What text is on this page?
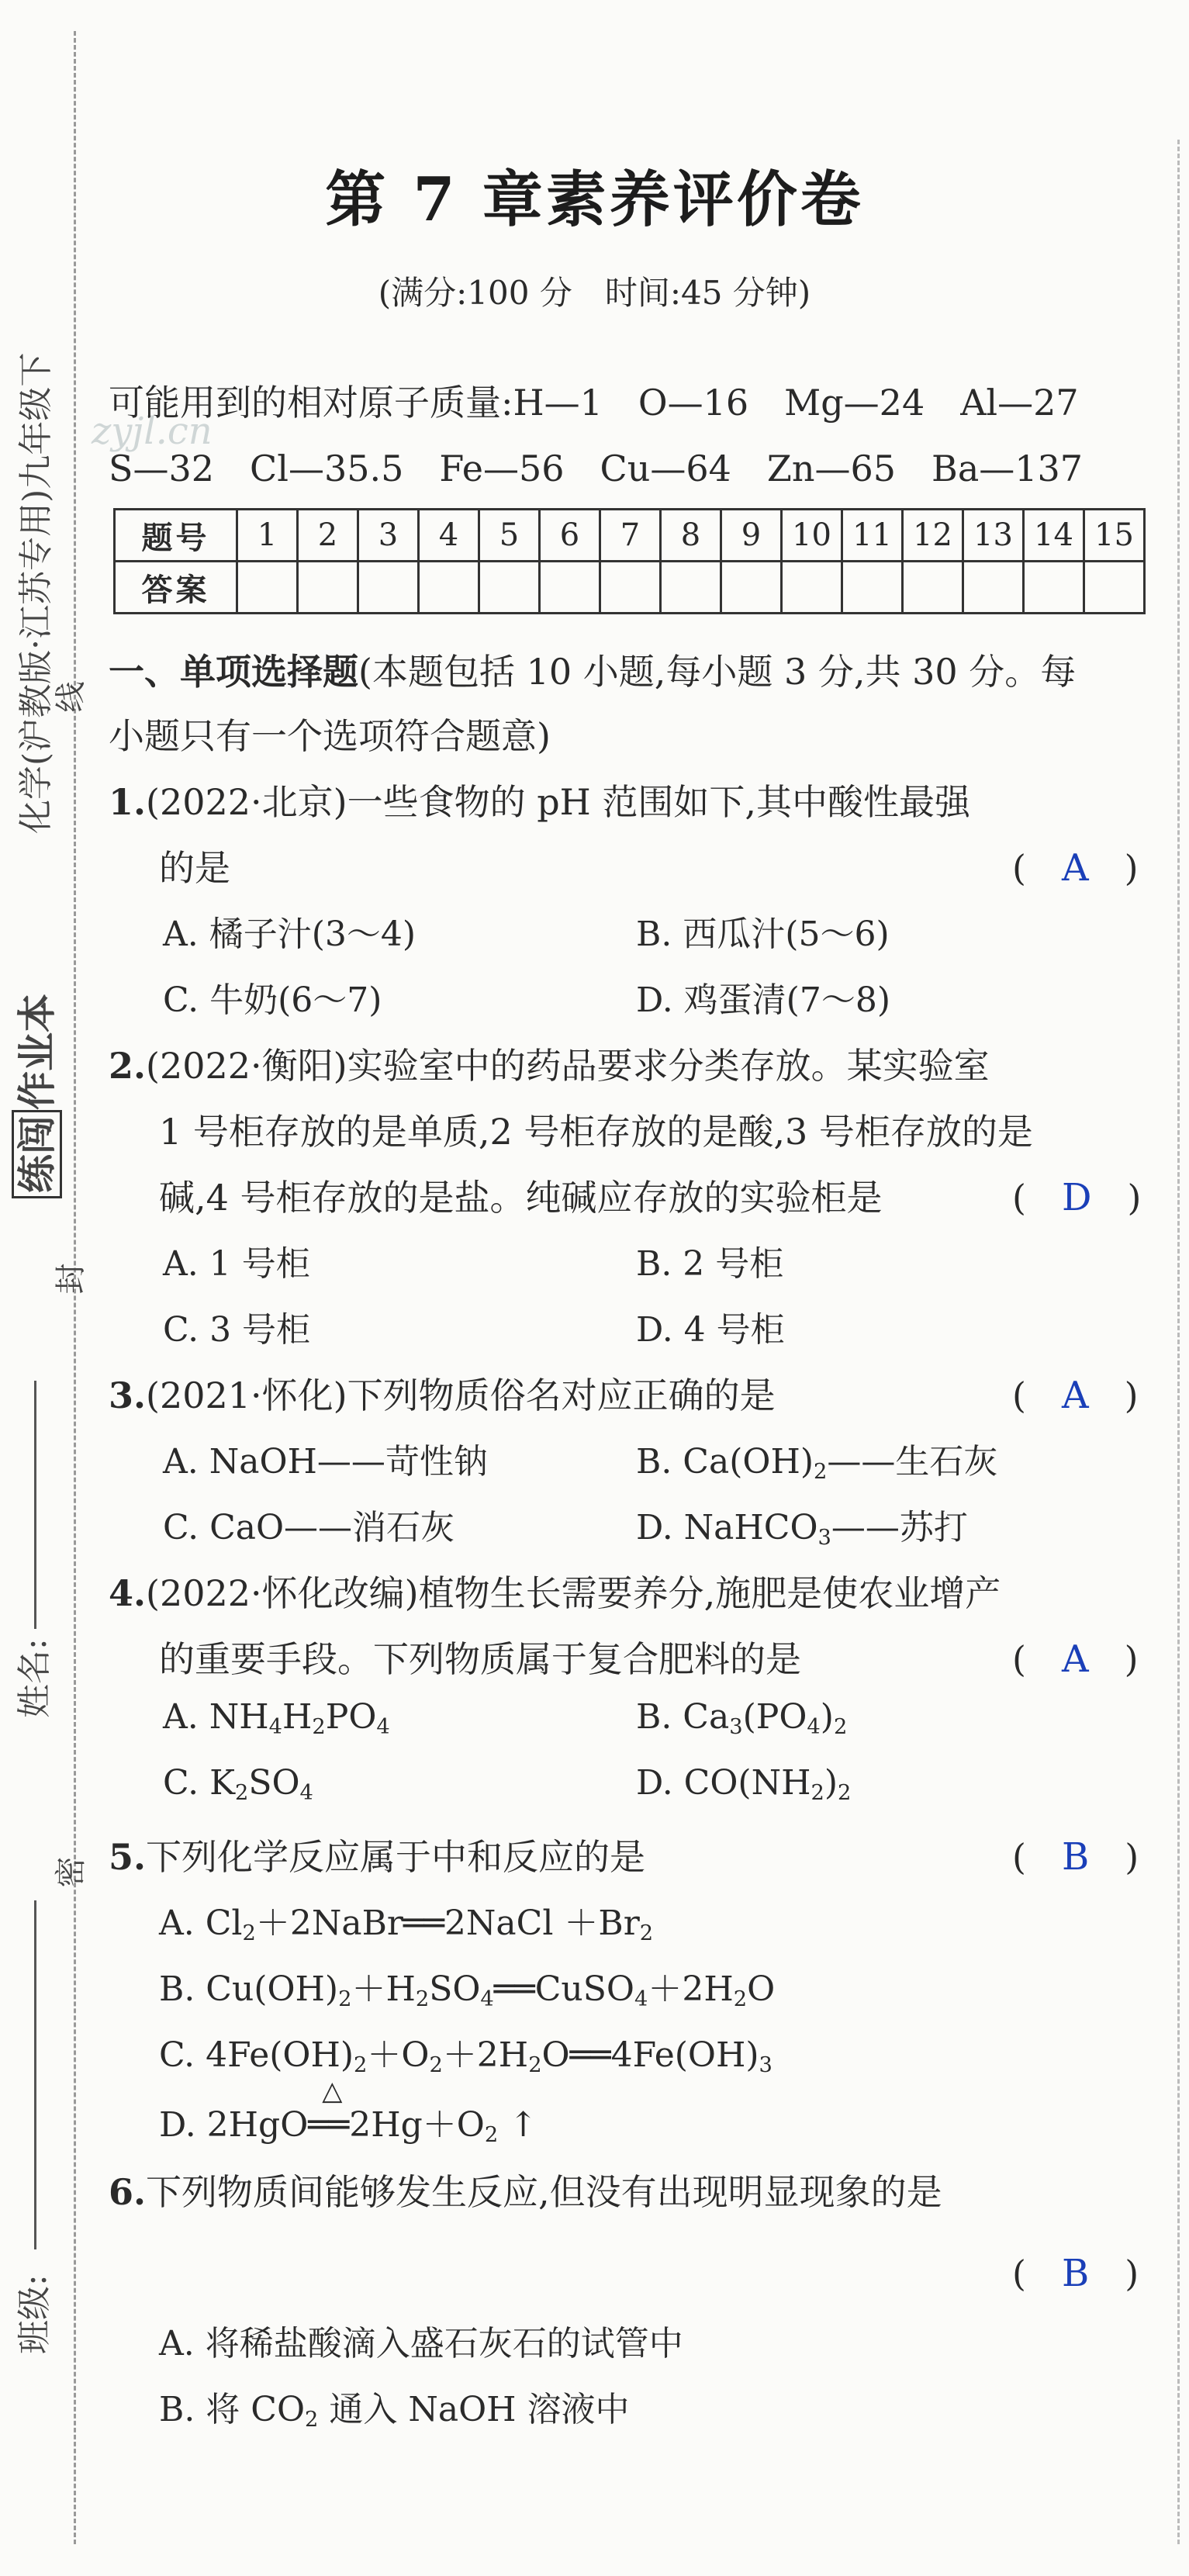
练闯作业本
化学(沪教版·江苏专用)九年级下
线
封
密
姓名:
班级:
zyjl.cn
第 7 章素养评价卷
(满分:100 分　时间:45 分钟)
可能用到的相对原子质量:H—1　O—16　Mg—24　Al—27
S—32　Cl—35.5　Fe—56　Cu—64　Zn—65　Ba—137
题号	1	2	3	4	5	6	7	8	9	10	11	12	13	14	15
答案															
一、单项选择题(本题包括 10 小题,每小题 3 分,共 30 分。每
小题只有一个选项符合题意)
1.(2022·北京)一些食物的 pH 范围如下,其中酸性最强
的是	(　 A　 )
A. 橘子汁(3～4)	B. 西瓜汁(5～6)
C. 牛奶(6～7)	D. 鸡蛋清(7～8)
2.(2022·衡阳)实验室中的药品要求分类存放。某实验室
1 号柜存放的是单质,2 号柜存放的是酸,3 号柜存放的是
碱,4 号柜存放的是盐。纯碱应存放的实验柜是	(　 D　 )
A. 1 号柜	B. 2 号柜
C. 3 号柜	D. 4 号柜
3.(2021·怀化)下列物质俗名对应正确的是	(　 A　 )
A. NaOH——苛性钠	B. $Ca(OH)_2——$生石灰
C. CaO——消石灰	D. NaHCO$_3$——苏打
4.(2022·怀化改编)植物生长需要养分,施肥是使农业增产
的重要手段。下列物质属于复合肥料的是	(　 A　 )
A. $NH_4H_2PO_4$	B. $Ca_3(PO_4)_2$
C. $K_2SO_4$	D. $CO(NH_2)_2$
5.下列化学反应属于中和反应的是	(　 B　 )
A. $Cl_2+2NaBr══2NaCl +Br_2$
B. $Cu(OH)_2+H_2SO_4══CuSO_4+2H_2O$
C. $4Fe(OH)_2+O_2+2H_2O══4Fe(OH)_3$
D. 2HgO
△
$══2Hg+O_2$ ↑
6.下列物质间能够发生反应,但没有出现明显现象的是
(　 B　 )
A. 将稀盐酸滴入盛石灰石的试管中
B. 将 $CO_2$ 通入 NaOH 溶液中
